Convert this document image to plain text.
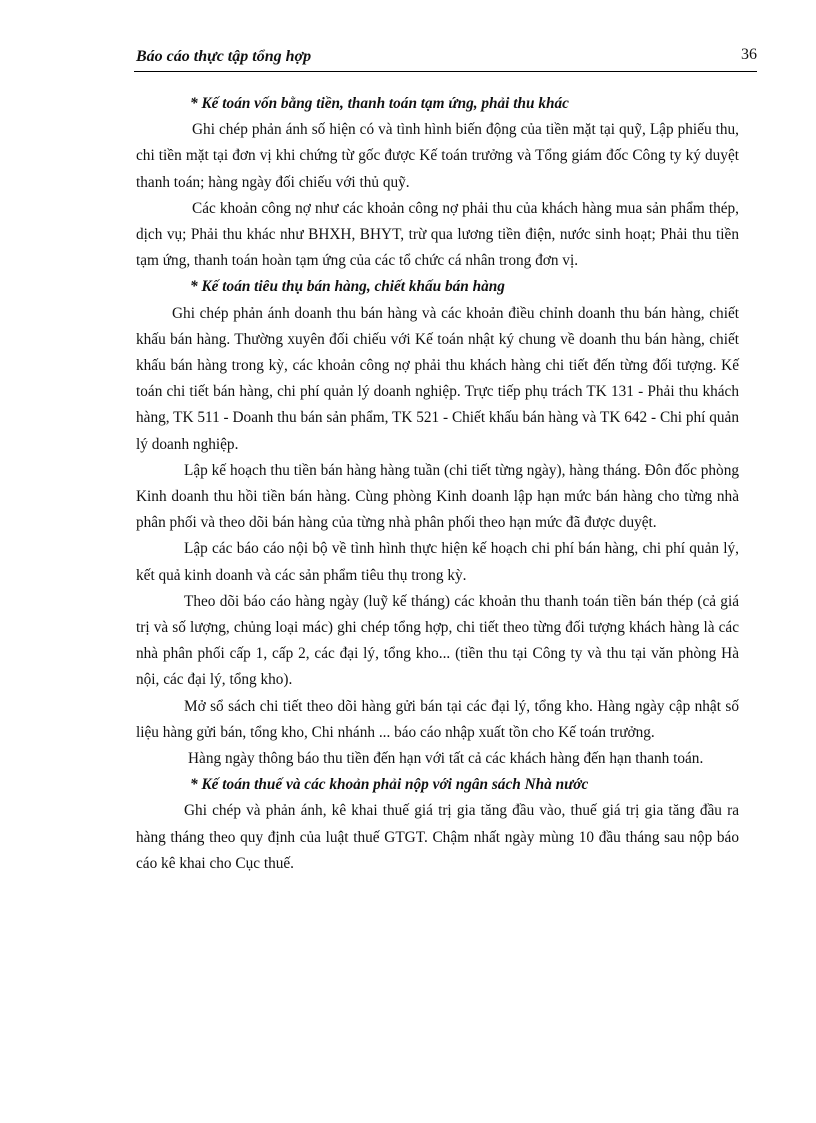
Báo cáo thực tập tổng hợp	36

* Kế toán vốn bằng tiền, thanh toán tạm ứng, phải thu khác

Ghi chép phản ánh số hiện có và tình hình biến động của tiền mặt tại quỹ, Lập phiếu thu, chi tiền mặt tại đơn vị khi chứng từ gốc được Kế toán trưởng và Tổng giám đốc Công ty ký duyệt thanh toán; hàng ngày đối chiếu với thủ quỹ.

Các khoản công nợ như các khoản công nợ phải thu của khách hàng mua sản phẩm thép, dịch vụ; Phải thu khác như BHXH, BHYT, trừ qua lương tiền điện, nước sinh hoạt; Phải thu tiền tạm ứng, thanh toán hoàn tạm ứng của các tổ chức cá nhân trong đơn vị.

* Kế toán tiêu thụ bán hàng, chiết khấu bán hàng

Ghi chép phản ánh doanh thu bán hàng và các khoản điều chỉnh doanh thu bán hàng, chiết khấu bán hàng. Thường xuyên đối chiếu với Kế toán nhật ký chung về doanh thu bán hàng, chiết khấu bán hàng trong kỳ, các khoản công nợ phải thu khách hàng chi tiết đến từng đối tượng. Kế toán chi tiết bán hàng, chi phí quản lý doanh nghiệp. Trực tiếp phụ trách TK 131 - Phải thu khách hàng, TK 511 - Doanh thu bán sản phẩm, TK 521 - Chiết khấu bán hàng và TK 642 - Chi phí quản lý doanh nghiệp.

Lập kế hoạch thu tiền bán hàng hàng tuần (chi tiết từng ngày), hàng tháng. Đôn đốc phòng Kinh doanh thu hồi tiền bán hàng. Cùng phòng Kinh doanh lập hạn mức bán hàng cho từng nhà phân phối và theo dõi bán hàng của từng nhà phân phối theo hạn mức đã được duyệt.

Lập các báo cáo nội bộ về tình hình thực hiện kế hoạch chi phí bán hàng, chi phí quản lý, kết quả kinh doanh và các sản phẩm tiêu thụ trong kỳ.

Theo dõi báo cáo hàng ngày (luỹ kế tháng) các khoản thu thanh toán tiền bán thép (cả giá trị và số lượng, chủng loại mác) ghi chép tổng hợp, chi tiết theo từng đối tượng khách hàng là các nhà phân phối cấp 1, cấp 2, các đại lý, tổng kho... (tiền thu tại Công ty và thu tại văn phòng Hà nội, các đại lý, tổng kho).

Mở sổ sách chi tiết theo dõi hàng gửi bán tại các đại lý, tổng kho. Hàng ngày cập nhật số liệu hàng gửi bán, tổng kho, Chi nhánh ... báo cáo nhập xuất tồn cho Kế toán trưởng.

Hàng ngày thông báo thu tiền đến hạn với tất cả các khách hàng đến hạn thanh toán.

* Kế toán thuế và các khoản phải nộp với ngân sách Nhà nước

Ghi chép và phản ánh, kê khai thuế giá trị gia tăng đầu vào, thuế giá trị gia tăng đầu ra hàng tháng theo quy định của luật thuế GTGT. Chậm nhất ngày mùng 10 đầu tháng sau nộp báo cáo kê khai cho Cục thuế.
